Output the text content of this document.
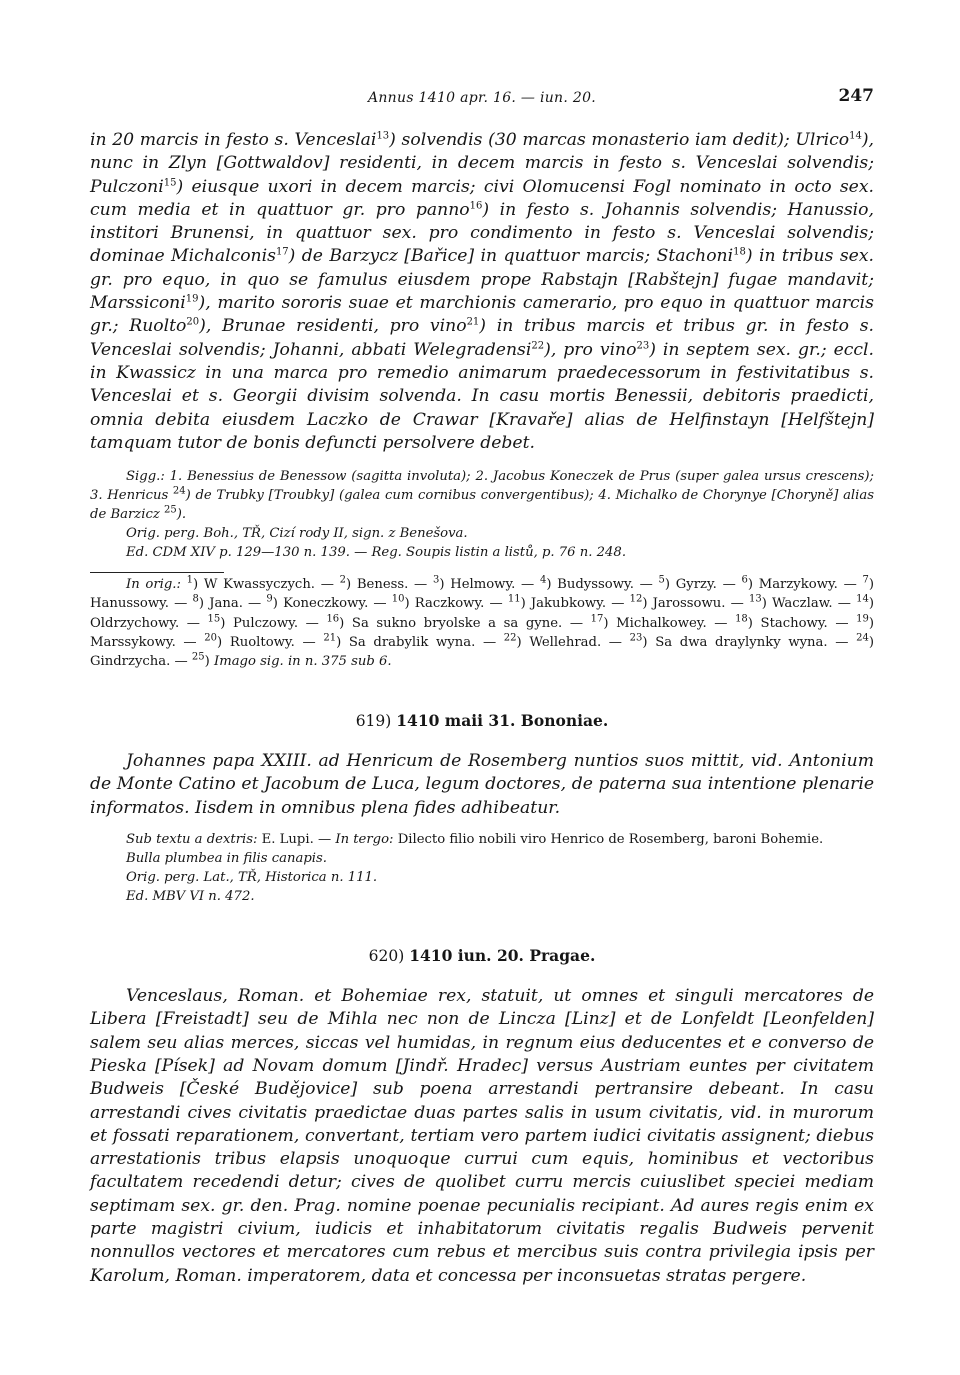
Annus 1410 apr. 16. — iun. 20.	247

in 20 marcis in festo s. Venceslai$^{13}$) solvendis (30 marcas monasterio iam dedit); Ulrico$^{14}$), nunc in Zlyn [Gottwaldov] residenti, in decem marcis in festo s. Venceslai solvendis; Pulczoni$^{15}$) eiusque uxori in decem marcis; civi Olomucensi Fogl nominato in octo sex. cum media et in quattuor gr. pro panno$^{16}$) in festo s. Johannis solvendis; Hanussio, institori Brunensi, in quattuor sex. pro condimento in festo s. Venceslai solvendis; dominae Michalconis$^{17}$) de Barzycz [Bařice] in quattuor marcis; Stachoni$^{18}$) in tribus sex. gr. pro equo, in quo se famulus eiusdem prope Rabstajn [Rabštejn] fugae mandavit; Marssiconi$^{19}$), marito sororis suae et marchionis camerario, pro equo in quattuor marcis gr.; Ruolto$^{20}$), Brunae residenti, pro vino$^{21}$) in tribus marcis et tribus gr. in festo s. Venceslai solvendis; Johanni, abbati Welegradensi$^{22}$), pro vino$^{23}$) in septem sex. gr.; eccl. in Kwassicz in una marca pro remedio animarum praedecessorum in festivitatibus s. Venceslai et s. Georgii divisim solvenda. In casu mortis Benessii, debitoris praedicti, omnia debita eiusdem Laczko de Crawar [Kravaře] alias de Helfinstayn [Helfštejn] tamquam tutor de bonis defuncti persolvere debet.

Sigg.: 1. Benessius de Benessow (sagitta involuta); 2. Jacobus Koneczek de Prus (super galea ursus crescens); 3. Henricus $^{24}$) de Trubky [Troubky] (galea cum cornibus convergentibus); 4. Michalko de Chorynye [Choryně] alias de Barzicz $^{25}$).

Orig. perg. Boh., TŘ, Cizí rody II, sign. z Benešova.

Ed. CDM XIV p. 129—130 n. 139. — Reg. Soupis listin a listů, p. 76 n. 248.

In orig.: $^1$) W Kwassyczych. — $^2$) Beness. — $^3$) Helmowy. — $^4$) Budyssowy. — $^5$) Gyrzy. — $^6$) Marzykowy. — $^7$) Hanussowy. — $^8$) Jana. — $^9$) Koneczkowy. — $^{10}$) Raczkowy. — $^{11}$) Jakubkowy. — $^{12}$) Jarossowu. — $^{13}$) Waczlaw. — $^{14}$) Oldrzychowy. — $^{15}$) Pulczowy. — $^{16}$) Sa sukno bryolske a sa gyne. — $^{17}$) Michalkowey. — $^{18}$) Stachowy. — $^{19}$) Marssykowy. — $^{20}$) Ruoltowy. — $^{21}$) Sa drabylik wyna. — $^{22}$) Wellehrad. — $^{23}$) Sa dwa draylynky wyna. — $^{24}$) Gindrzycha. — $^{25}$) Imago sig. in n. 375 sub 6.

619) 1410 maii 31. Bononiae.

Johannes papa XXIII. ad Henricum de Rosemberg nuntios suos mittit, vid. Antonium de Monte Catino et Jacobum de Luca, legum doctores, de paterna sua intentione plenarie informatos. Iisdem in omnibus plena fides adhibeatur.

Sub textu a dextris: E. Lupi. — In tergo: Dilecto filio nobili viro Henrico de Rosemberg, baroni Bohemie.

Bulla plumbea in filis canapis.

Orig. perg. Lat., TŘ, Historica n. 111.

Ed. MBV VI n. 472.

620) 1410 iun. 20. Pragae.

Venceslaus, Roman. et Bohemiae rex, statuit, ut omnes et singuli mercatores de Libera [Freistadt] seu de Mihla nec non de Lincza [Linz] et de Lonfeldt [Leonfelden] salem seu alias merces, siccas vel humidas, in regnum eius deducentes et e converso de Pieska [Písek] ad Novam domum [Jindř. Hradec] versus Austriam euntes per civitatem Budweis [České Budějovice] sub poena arrestandi pertransire debeant. In casu arrestandi cives civitatis praedictae duas partes salis in usum civitatis, vid. in murorum et fossati reparationem, convertant, tertiam vero partem iudici civitatis assignent; diebus arrestationis tribus elapsis unoquoque currui cum equis, hominibus et vectoribus facultatem recedendi detur; cives de quolibet curru mercis cuiuslibet speciei mediam septimam sex. gr. den. Prag. nomine poenae pecunialis recipiant. Ad aures regis enim ex parte magistri civium, iudicis et inhabitatorum civitatis regalis Budweis pervenit nonnullos vectores et mercatores cum rebus et mercibus suis contra privilegia ipsis per Karolum, Roman. imperatorem, data et concessa per inconsuetas stratas pergere.
